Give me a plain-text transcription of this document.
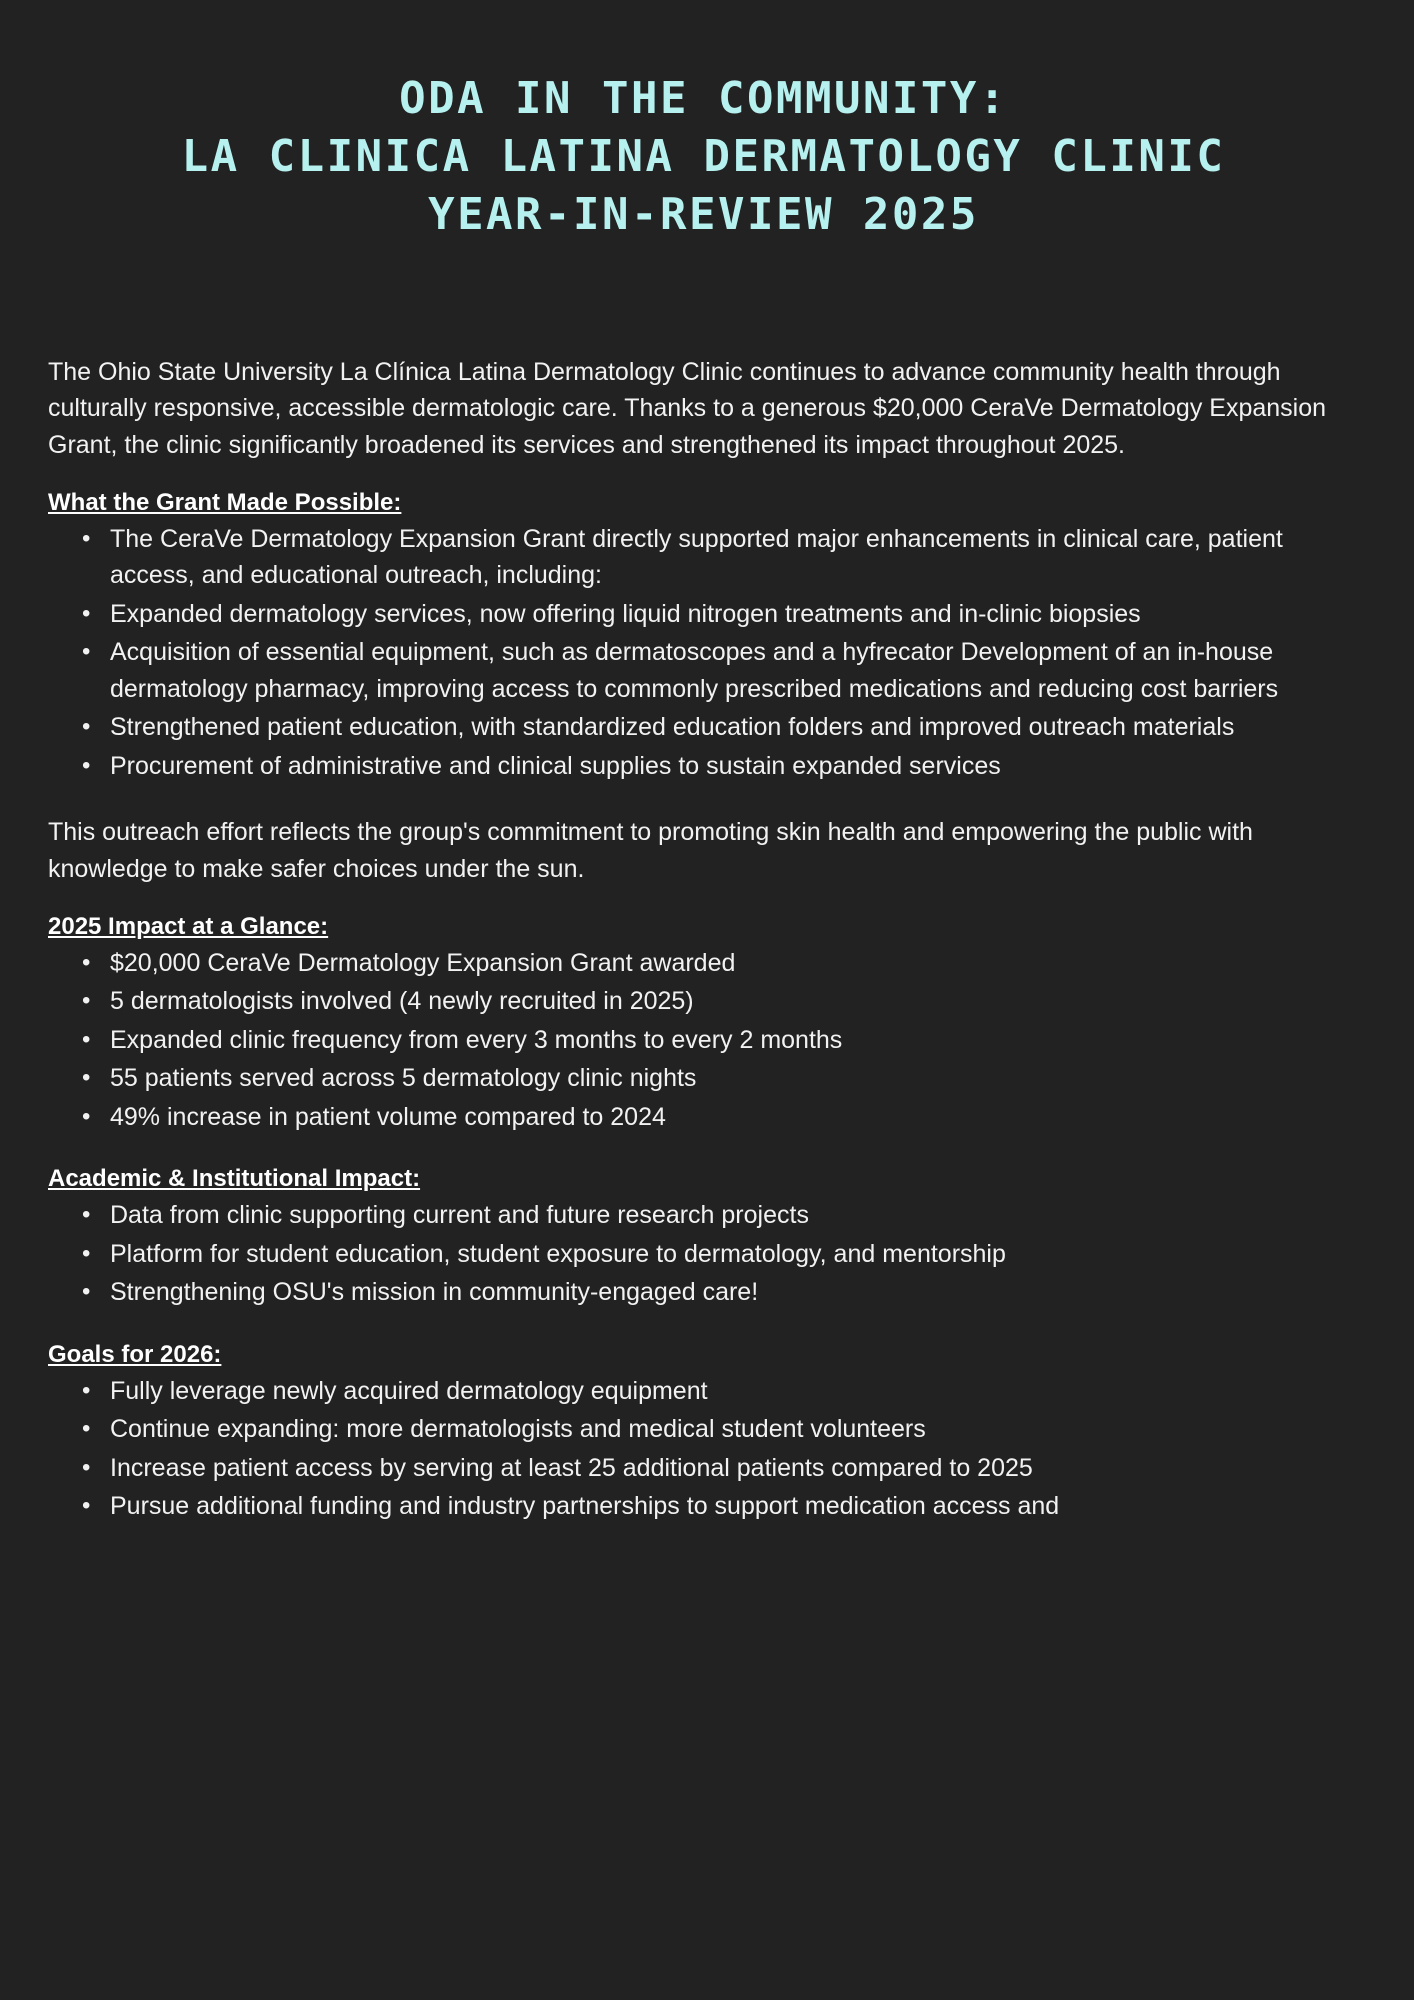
ODA IN THE COMMUNITY:
LA CLINICA LATINA DERMATOLOGY CLINIC
YEAR-IN-REVIEW 2025

The Ohio State University La Clínica Latina Dermatology Clinic continues to advance community health through culturally responsive, accessible dermatologic care. Thanks to a generous $20,000 CeraVe Dermatology Expansion Grant, the clinic significantly broadened its services and strengthened its impact throughout 2025.

What the Grant Made Possible:
• The CeraVe Dermatology Expansion Grant directly supported major enhancements in clinical care, patient access, and educational outreach, including:
• Expanded dermatology services, now offering liquid nitrogen treatments and in-clinic biopsies
• Acquisition of essential equipment, such as dermatoscopes and a hyfrecator Development of an in-house dermatology pharmacy, improving access to commonly prescribed medications and reducing cost barriers
• Strengthened patient education, with standardized education folders and improved outreach materials
• Procurement of administrative and clinical supplies to sustain expanded services

This outreach effort reflects the group's commitment to promoting skin health and empowering the public with knowledge to make safer choices under the sun.

2025 Impact at a Glance:
• $20,000 CeraVe Dermatology Expansion Grant awarded
• 5 dermatologists involved (4 newly recruited in 2025)
• Expanded clinic frequency from every 3 months to every 2 months
• 55 patients served across 5 dermatology clinic nights
• 49% increase in patient volume compared to 2024
Academic & Institutional Impact:
• Data from clinic supporting current and future research projects
• Platform for student education, student exposure to dermatology, and mentorship
• Strengthening OSU's mission in community-engaged care!
Goals for 2026:
• Fully leverage newly acquired dermatology equipment
• Continue expanding: more dermatologists and medical student volunteers
• Increase patient access by serving at least 25 additional patients compared to 2025
• Pursue additional funding and industry partnerships to support medication access and
